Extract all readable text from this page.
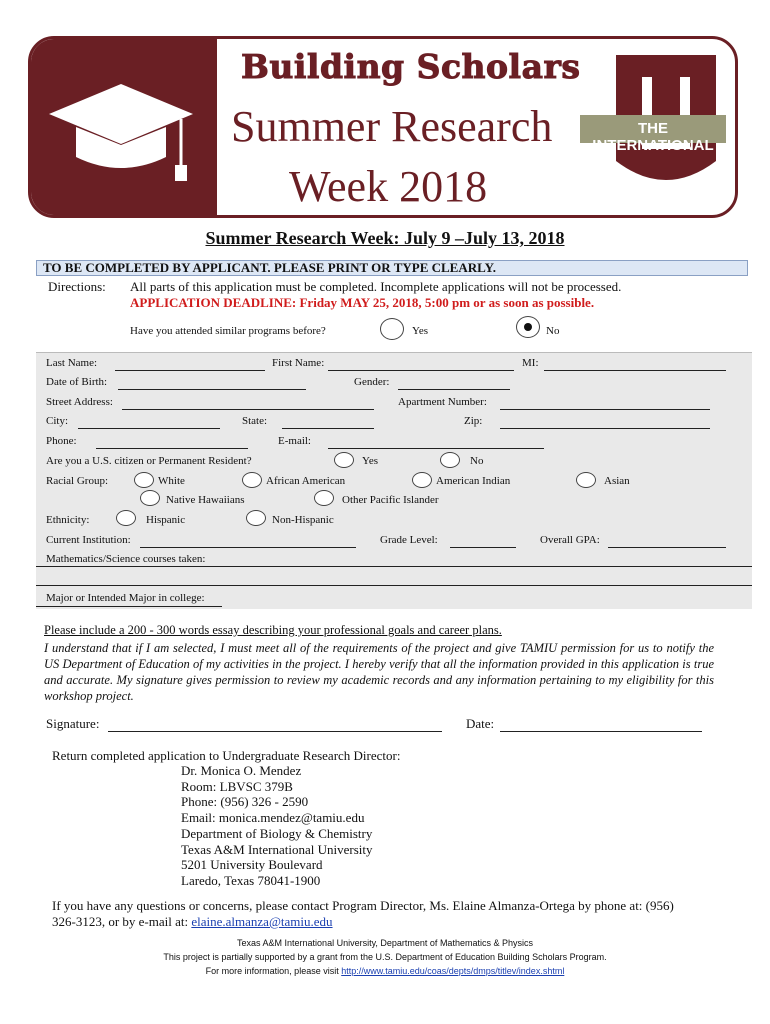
Building Scholars
Summer Research
Week 2018
THE INTERNATIONAL
Summer Research Week: July 9 –July 13, 2018
TO BE COMPLETED BY APPLICANT. PLEASE PRINT OR TYPE CLEARLY.
Directions: All parts of this application must be completed. Incomplete applications will not be processed.
APPLICATION DEADLINE: Friday MAY 25, 2018, 5:00 pm or as soon as possible.
Have you attended similar programs before?	Yes	No
Last Name:	First Name:	MI:
Date of Birth:	Gender:
Street Address:	Apartment Number:
City:	State:	Zip:
Phone:	E-mail:
Are you a U.S. citizen or Permanent Resident?	Yes	No
Racial Group:	White	African American	American Indian	Asian
Native Hawaiians	Other Pacific Islander
Ethnicity:	Hispanic	Non-Hispanic
Current Institution:	Grade Level:	Overall GPA:
Mathematics/Science courses taken:
Major or Intended Major in college:
Please include a 200 - 300 words essay describing your professional goals and career plans.
I understand that if I am selected, I must meet all of the requirements of the project and give TAMIU permission for us to notify the US Department of Education of my activities in the project. I hereby verify that all the information provided in this application is true and accurate. My signature gives permission to review my academic records and any information pertaining to my eligibility for this workshop project.
Signature:	Date:
Return completed application to Undergraduate Research Director:
Dr. Monica O. Mendez
Room: LBVSC 379B
Phone: (956) 326 - 2590
Email: monica.mendez@tamiu.edu
Department of Biology & Chemistry
Texas A&M International University
5201 University Boulevard
Laredo, Texas 78041-1900
If you have any questions or concerns, please contact Program Director, Ms. Elaine Almanza-Ortega by phone at: (956)
326-3123, or by e-mail at: elaine.almanza@tamiu.edu
Texas A&M International University, Department of Mathematics & Physics
This project is partially supported by a grant from the U.S. Department of Education Building Scholars Program.
For more information, please visit http://www.tamiu.edu/coas/depts/dmps/titlev/index.shtml
